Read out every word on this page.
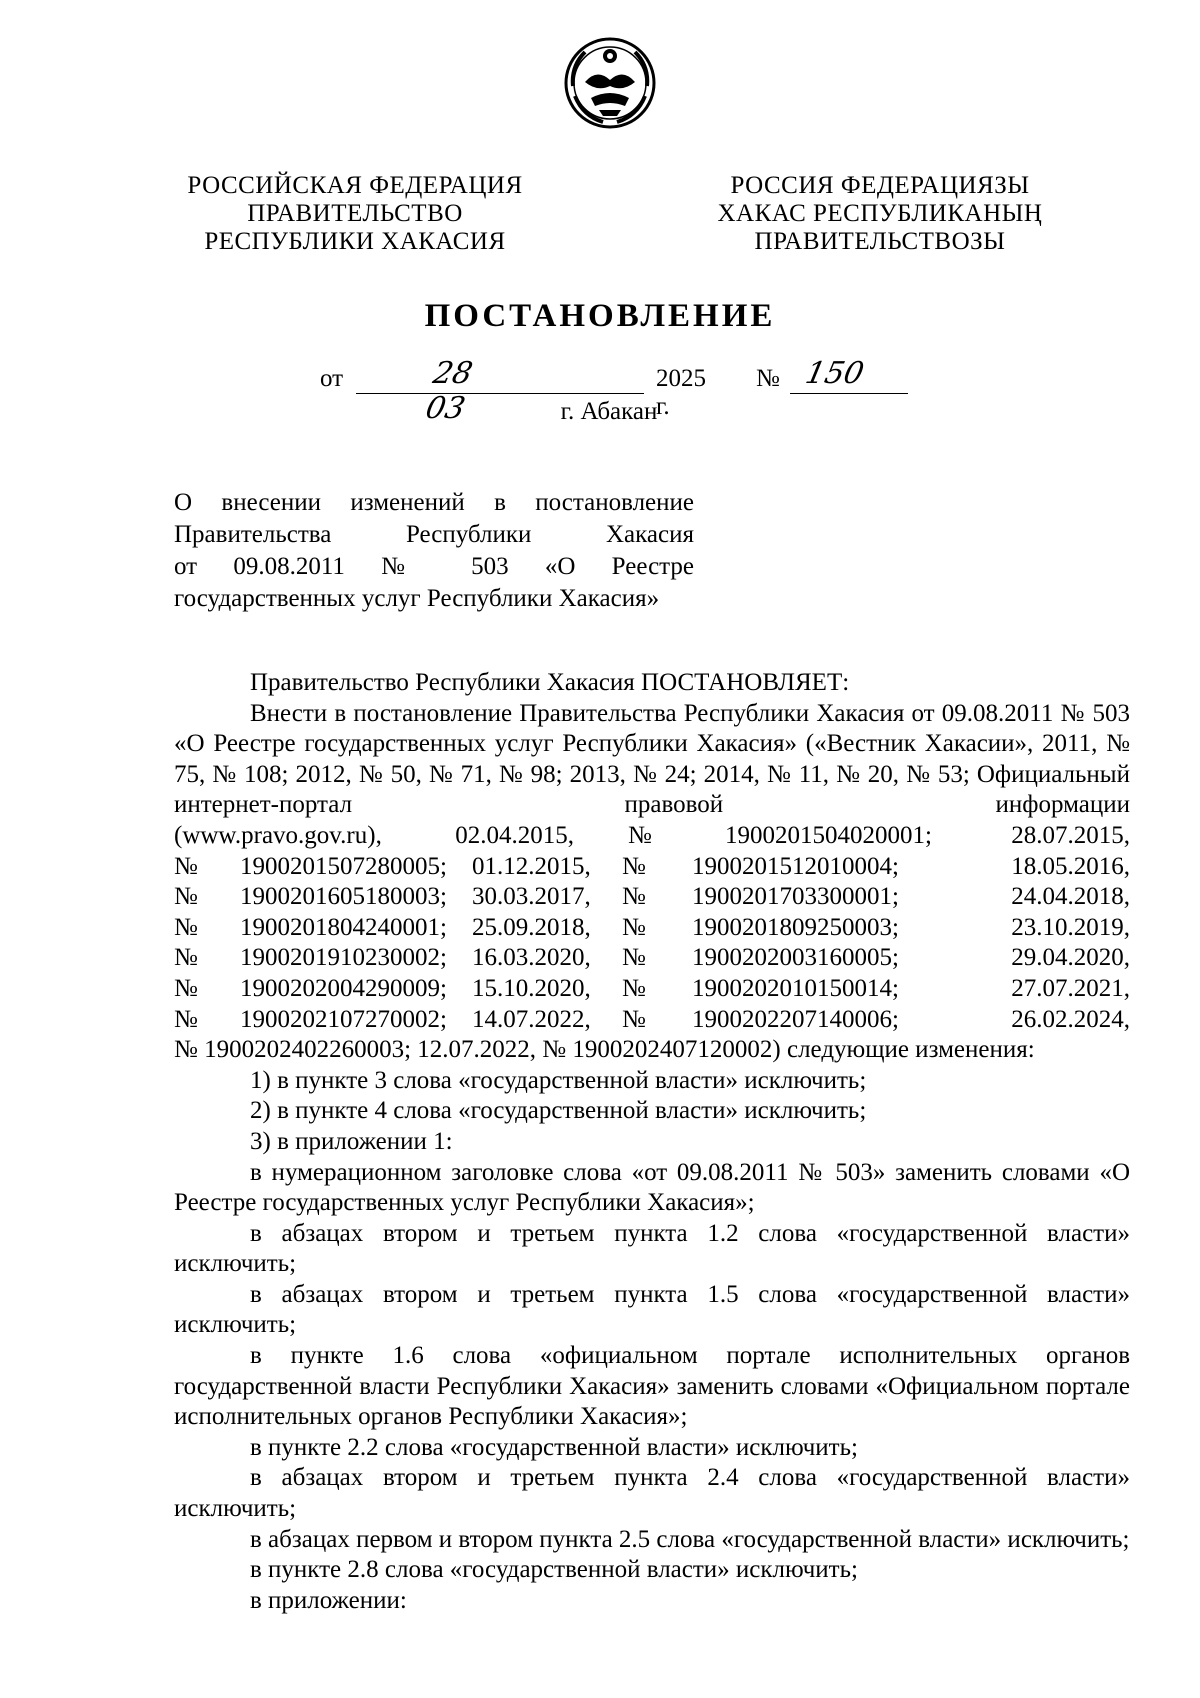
РОССИЙСКАЯ ФЕДЕРАЦИЯ
ПРАВИТЕЛЬСТВО
РЕСПУБЛИКИ ХАКАСИЯ
РОССИЯ ФЕДЕРАЦИЯЗЫ
ХАКАС РЕСПУБЛИКАНЫҢ
ПРАВИТЕЛЬСТВОЗЫ
ПОСТАНОВЛЕНИЕ
от	28 03
2025 г.
№ 150
г. Абакан
О внесении изменений в постановление
Правительства Республики Хакасия
от 09.08.2011 № 503 «О Реестре
государственных услуг Республики Хакасия»

Правительство Республики Хакасия ПОСТАНОВЛЯЕТ:

Внести в постановление Правительства Республики Хакасия от 09.08.2011 № 503 «О Реестре государственных услуг Республики Хакасия» («Вестник Хакасии», 2011, № 75, № 108; 2012, № 50, № 71, № 98; 2013, № 24; 2014, № 11, № 20, № 53; Официальный интернет-портал правовой информации

(www.pravo.gov.ru),	02.04.2015,	№	1900201504020001;	28.07.2015,
№	1900201507280005;	01.12.2015,	№	1900201512010004;	18.05.2016,
№	1900201605180003;	30.03.2017,	№	1900201703300001;	24.04.2018,
№	1900201804240001;	25.09.2018,	№	1900201809250003;	23.10.2019,
№	1900201910230002;	16.03.2020,	№	1900202003160005;	29.04.2020,
№	1900202004290009;	15.10.2020,	№	1900202010150014;	27.07.2021,
№	1900202107270002;	14.07.2022,	№	1900202207140006;	26.02.2024,

№ 1900202402260003; 12.07.2022, № 1900202407120002) следующие изменения:

1) в пункте 3 слова «государственной власти» исключить;

2) в пункте 4 слова «государственной власти» исключить;

3) в приложении 1:

в нумерационном заголовке слова «от 09.08.2011 № 503» заменить словами «О Реестре государственных услуг Республики Хакасия»;

в абзацах втором и третьем пункта 1.2 слова «государственной власти» исключить;

в абзацах втором и третьем пункта 1.5 слова «государственной власти» исключить;

в пункте 1.6 слова «официальном портале исполнительных органов государственной власти Республики Хакасия» заменить словами «Официальном портале исполнительных органов Республики Хакасия»;

в пункте 2.2 слова «государственной власти» исключить;

в абзацах втором и третьем пункта 2.4 слова «государственной власти» исключить;

в абзацах первом и втором пункта 2.5 слова «государственной власти» исключить;

в пункте 2.8 слова «государственной власти» исключить;

в приложении:
